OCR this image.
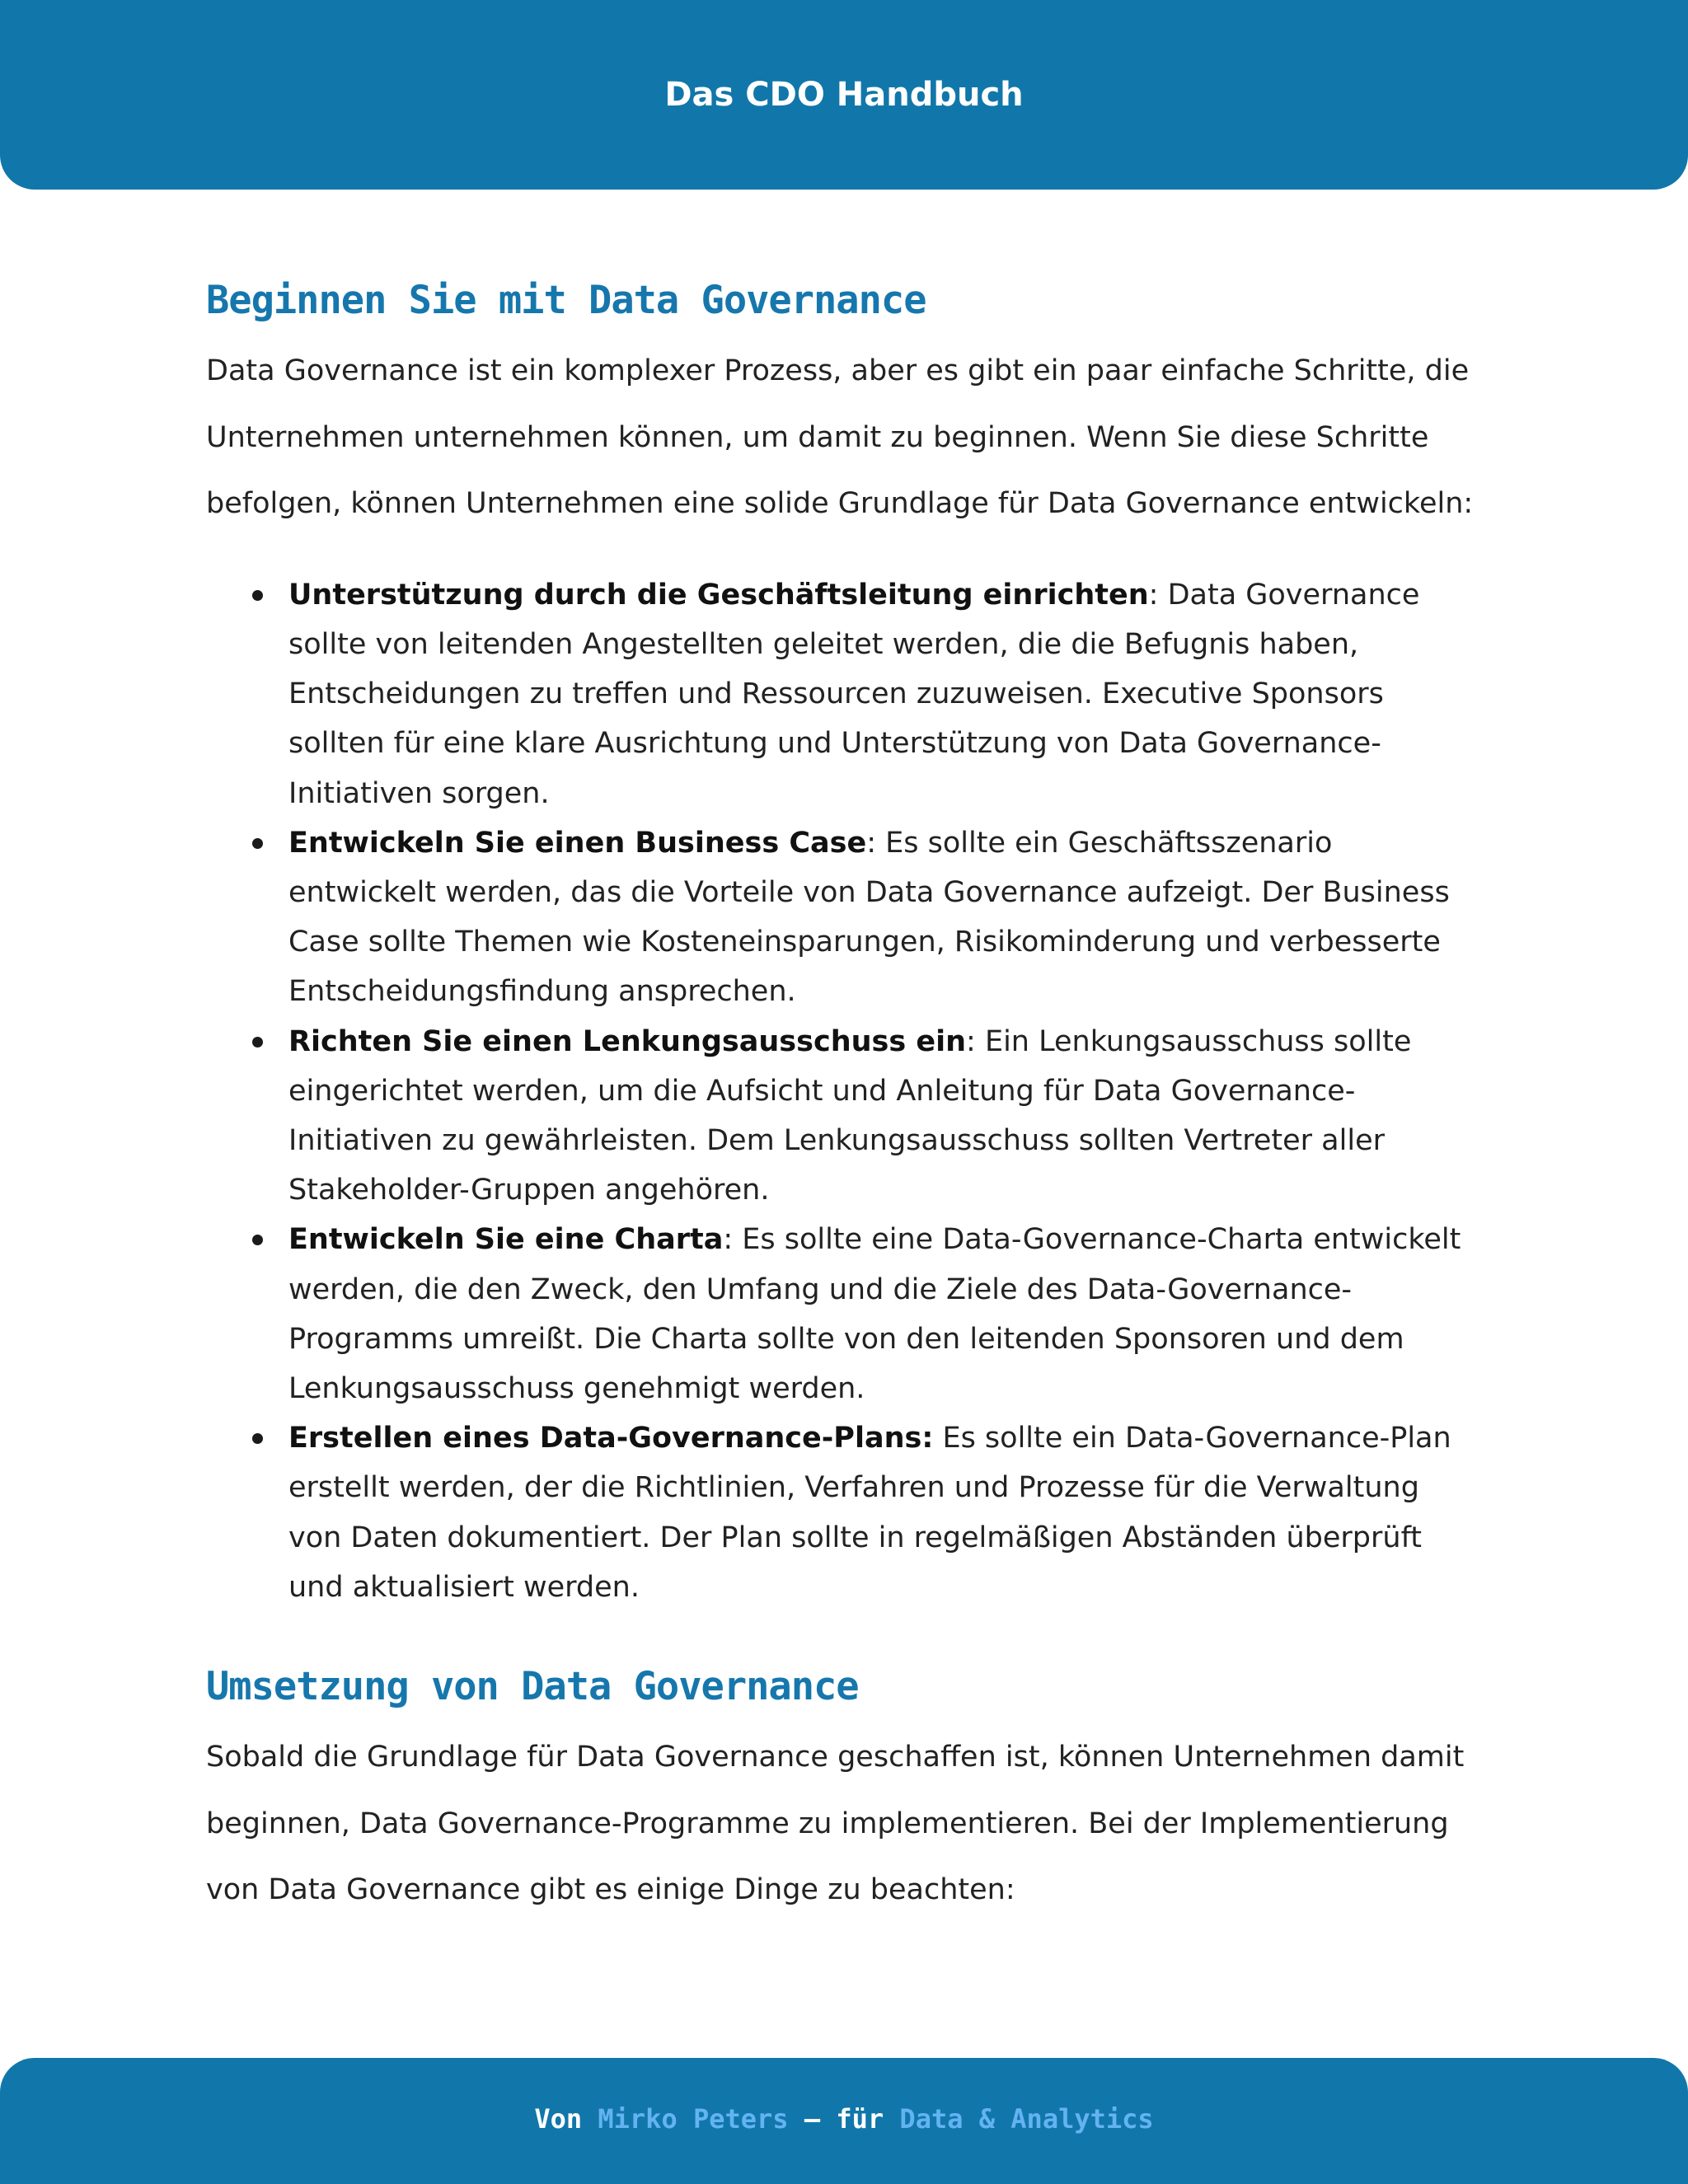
Das CDO Handbuch
Beginnen Sie mit Data Governance

Data Governance ist ein komplexer Prozess, aber es gibt ein paar einfache Schritte, die Unternehmen unternehmen können, um damit zu beginnen. Wenn Sie diese Schritte befolgen, können Unternehmen eine solide Grundlage für Data Governance entwickeln:

Unterstützung durch die Geschäftsleitung einrichten: Data Governance sollte von leitenden Angestellten geleitet werden, die die Befugnis haben, Entscheidungen zu treffen und Ressourcen zuzuweisen. Executive Sponsors sollten für eine klare Ausrichtung und Unterstützung von Data Governance-Initiativen sorgen.
Entwickeln Sie einen Business Case: Es sollte ein Geschäftsszenario entwickelt werden, das die Vorteile von Data Governance aufzeigt. Der Business Case sollte Themen wie Kosteneinsparungen, Risikominderung und verbesserte Entscheidungsfindung ansprechen.
Richten Sie einen Lenkungsausschuss ein: Ein Lenkungsausschuss sollte eingerichtet werden, um die Aufsicht und Anleitung für Data Governance-Initiativen zu gewährleisten. Dem Lenkungsausschuss sollten Vertreter aller Stakeholder-Gruppen angehören.
Entwickeln Sie eine Charta: Es sollte eine Data-Governance-Charta entwickelt werden, die den Zweck, den Umfang und die Ziele des Data-Governance-Programms umreißt. Die Charta sollte von den leitenden Sponsoren und dem Lenkungsausschuss genehmigt werden.
Erstellen eines Data-Governance-Plans: Es sollte ein Data-Governance-Plan erstellt werden, der die Richtlinien, Verfahren und Prozesse für die Verwaltung von Daten dokumentiert. Der Plan sollte in regelmäßigen Abständen überprüft und aktualisiert werden.
Umsetzung von Data Governance

Sobald die Grundlage für Data Governance geschaffen ist, können Unternehmen damit beginnen, Data Governance-Programme zu implementieren. Bei der Implementierung von Data Governance gibt es einige Dinge zu beachten:

Von Mirko Peters – für Data & Analytics
